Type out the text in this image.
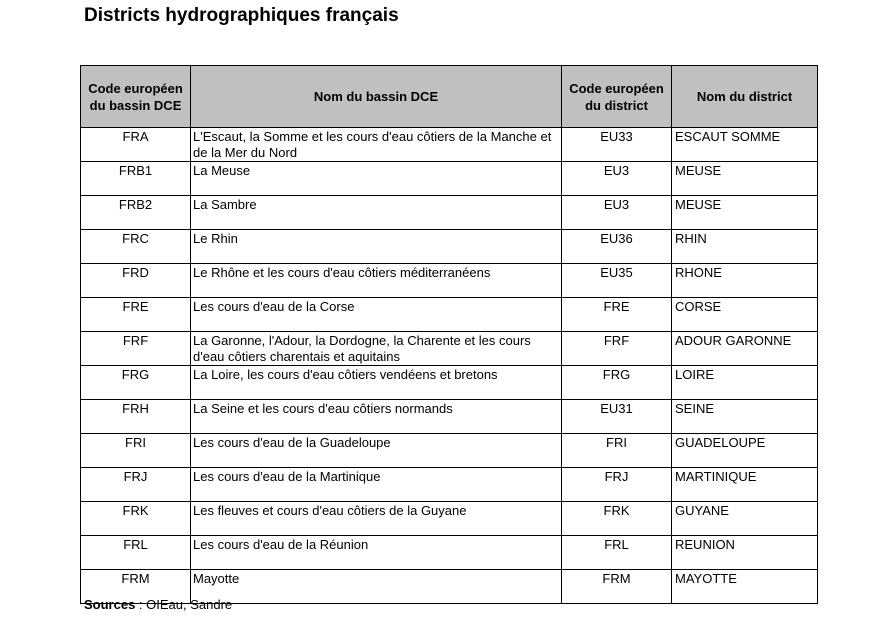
Districts hydrographiques français
Code européen du bassin DCE	Nom du bassin DCE	Code européen du district	Nom du district
FRA	L'Escaut, la Somme et les cours d'eau côtiers de la Manche et de la Mer du Nord	EU33	ESCAUT SOMME
FRB1	La Meuse	EU3	MEUSE
FRB2	La Sambre	EU3	MEUSE
FRC	Le Rhin	EU36	RHIN
FRD	Le Rhône et les cours d'eau côtiers méditerranéens	EU35	RHONE
FRE	Les cours d'eau de la Corse	FRE	CORSE
FRF	La Garonne, l'Adour, la Dordogne, la Charente et les cours d'eau côtiers charentais et aquitains	FRF	ADOUR GARONNE
FRG	La Loire, les cours d'eau côtiers vendéens et bretons	FRG	LOIRE
FRH	La Seine et les cours d'eau côtiers normands	EU31	SEINE
FRI	Les cours d'eau de la Guadeloupe	FRI	GUADELOUPE
FRJ	Les cours d'eau de la Martinique	FRJ	MARTINIQUE
FRK	Les fleuves et cours d'eau côtiers de la Guyane	FRK	GUYANE
FRL	Les cours d'eau de la Réunion	FRL	REUNION
FRM	Mayotte	FRM	MAYOTTE
Sources : OIEau, Sandre
